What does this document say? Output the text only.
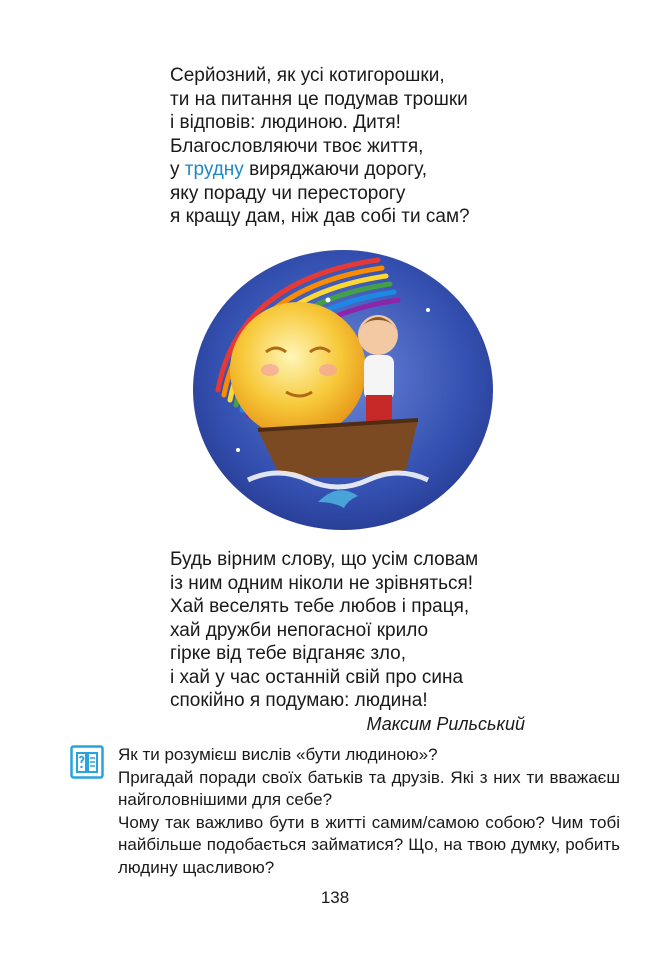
Серйозний, як усі котигорошки,
ти на питання це подумав трошки
і відповів: людиною. Дитя!
Благословляючи твоє життя,
у трудну виряджаючи дорогу,
яку пораду чи пересторогу
я кращу дам, ніж дав собі ти сам?
Будь вірним слову, що усім словам
із ним одним ніколи не зрівняться!
Хай веселять тебе любов і праця,
хай дружби непогасної крило
гірке від тебе відганяє зло,
і хай у час останній свій про сина
спокійно я подумаю: людина!
Максим Рильський

Як ти розумієш вислів «бути людиною»?

Пригадай поради своїх батьків та друзів. Які з них ти вважаєш найголовнішими для себе?

Чому так важливо бути в житті самим/самою собою? Чим тобі найбільше подобається займатися? Що, на твою думку, робить людину щасливою?

138
